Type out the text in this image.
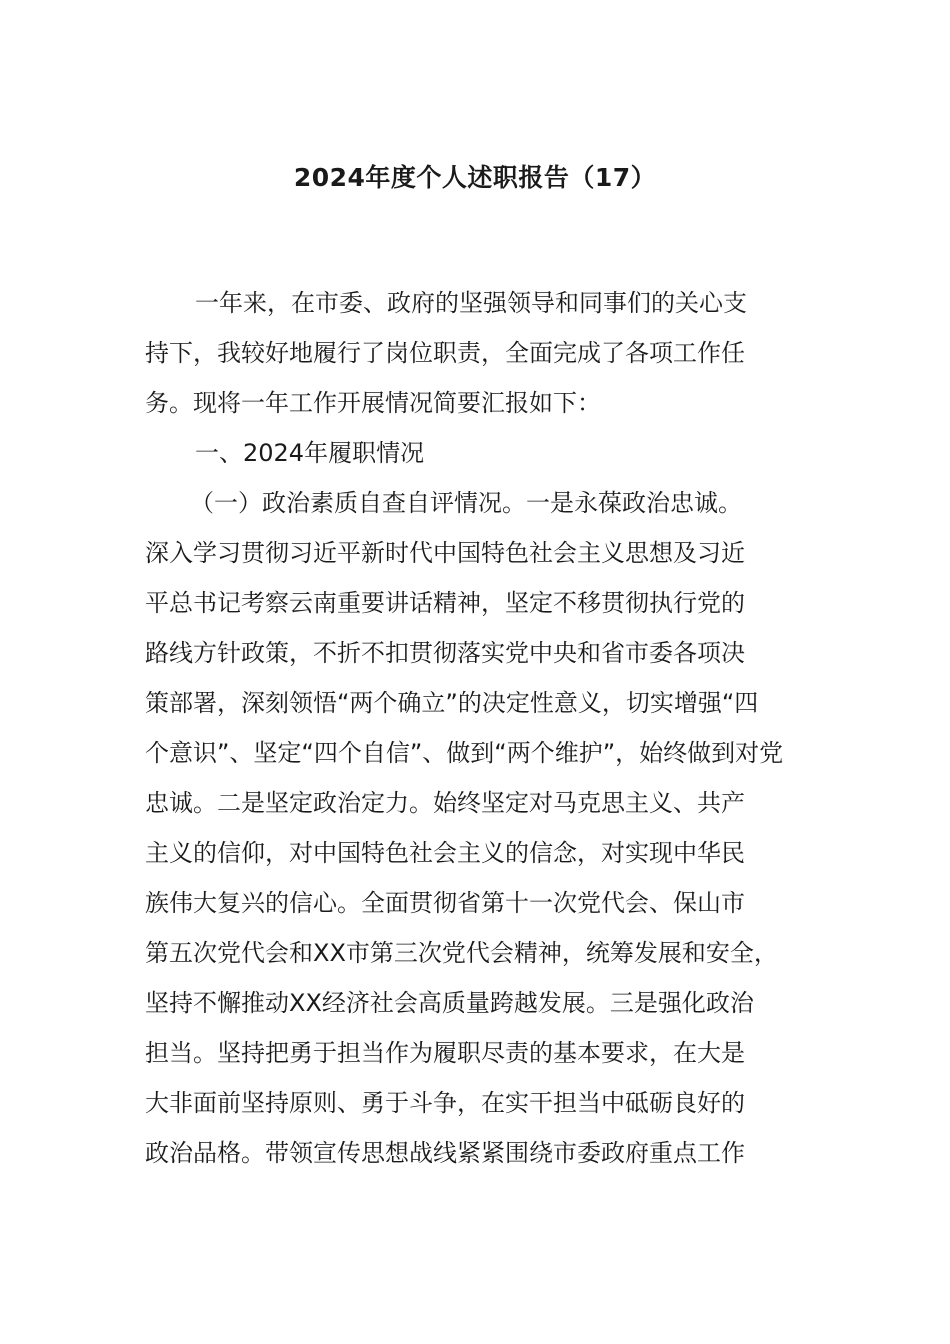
2024年度个人述职报告（17）
一年来，在市委、政府的坚强领导和同事们的关心支
持下，我较好地履行了岗位职责，全面完成了各项工作任
务。现将一年工作开展情况简要汇报如下：
一、2024年履职情况
（一）政治素质自查自评情况。一是永葆政治忠诚。
深入学习贯彻习近平新时代中国特色社会主义思想及习近
平总书记考察云南重要讲话精神，坚定不移贯彻执行党的
路线方针政策，不折不扣贯彻落实党中央和省市委各项决
策部署，深刻领悟“两个确立”的决定性意义，切实增强“四
个意识”、坚定“四个自信”、做到“两个维护”，始终做到对党
忠诚。二是坚定政治定力。始终坚定对马克思主义、共产
主义的信仰，对中国特色社会主义的信念，对实现中华民
族伟大复兴的信心。全面贯彻省第十一次党代会、保山市
第五次党代会和XX市第三次党代会精神，统筹发展和安全，
坚持不懈推动XX经济社会高质量跨越发展。三是强化政治
担当。坚持把勇于担当作为履职尽责的基本要求，在大是
大非面前坚持原则、勇于斗争，在实干担当中砥砺良好的
政治品格。带领宣传思想战线紧紧围绕市委政府重点工作
